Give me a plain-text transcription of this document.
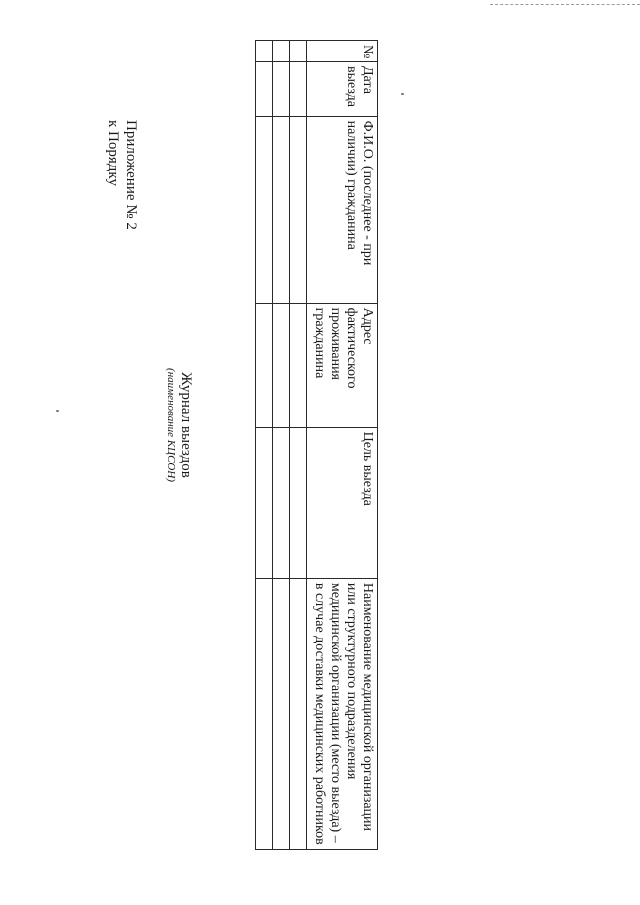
Приложение № 2
к Порядку
Журнал выездов
(наименование КЦСОН)
№	Дата выезда	Ф.И.О. (последнее - при наличии) гражданина	Адрес фактического проживания гражданина	Цель выезда	Наименование медицинской организации или структурного подразделения медицинской организации (место выезда) – в случае доставки медицинских работников
